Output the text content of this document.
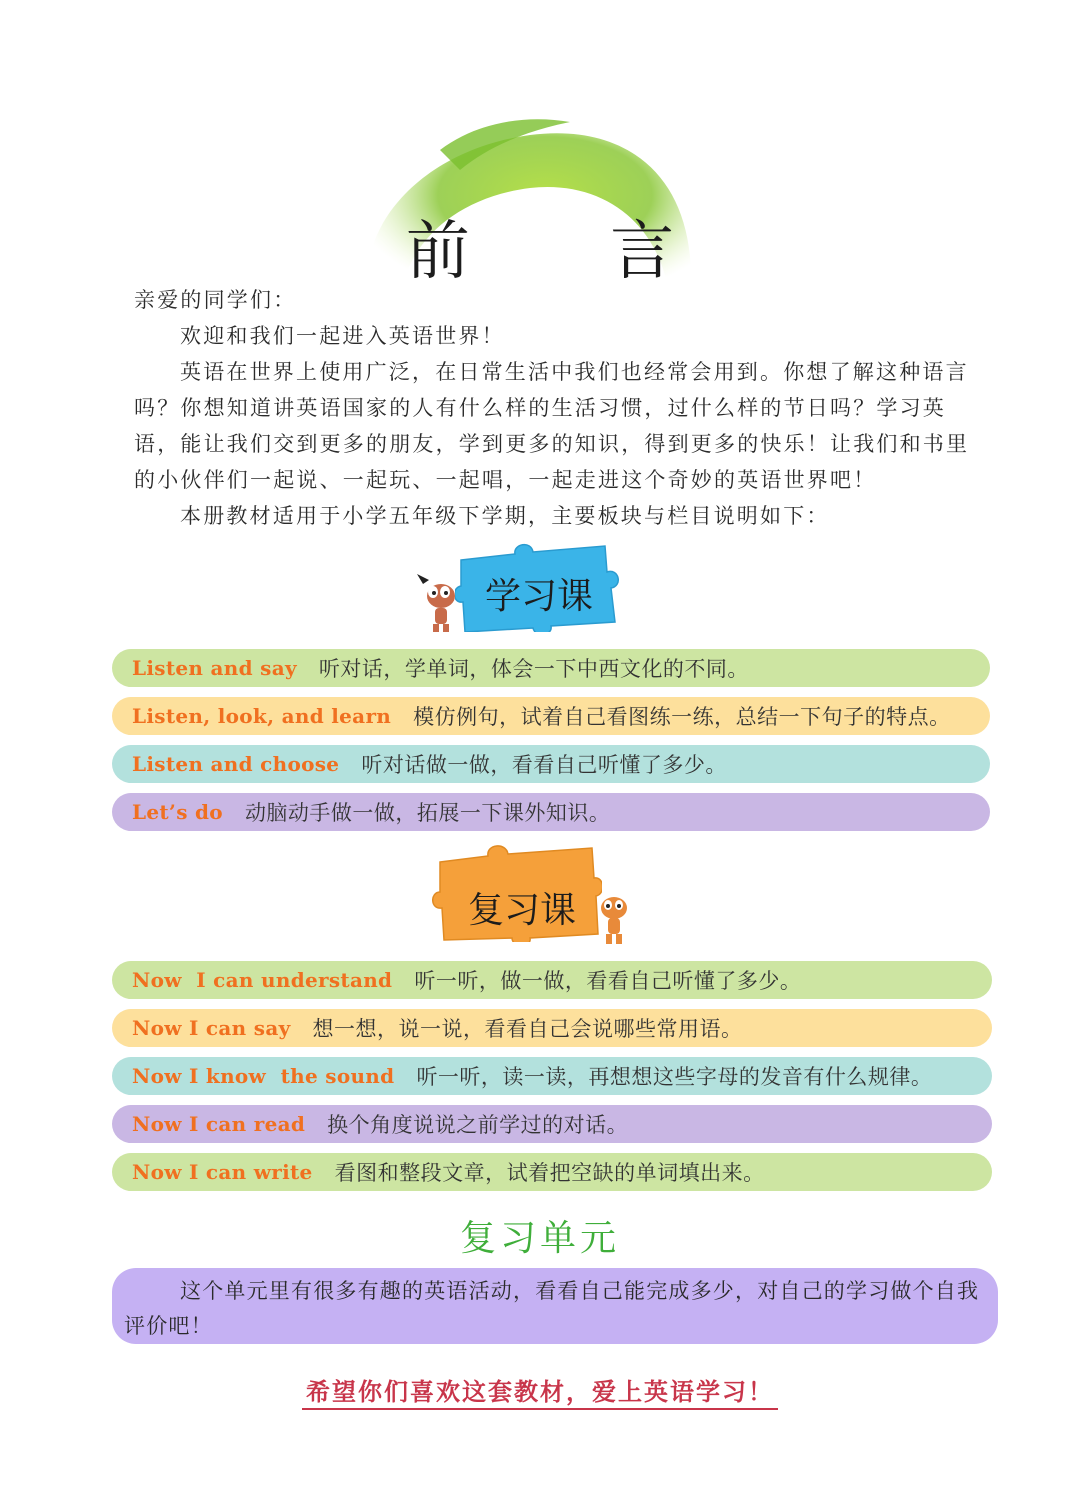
前 言
亲爱的同学们：
欢迎和我们一起进入英语世界！
英语在世界上使用广泛，在日常生活中我们也经常会用到。你想了解这种语言吗？你想知道讲英语国家的人有什么样的生活习惯，过什么样的节日吗？学习英语，能让我们交到更多的朋友，学到更多的知识，得到更多的快乐！让我们和书里的小伙伴们一起说、一起玩、一起唱，一起走进这个奇妙的英语世界吧！
本册教材适用于小学五年级下学期，主要板块与栏目说明如下：
学习课
Listen and say 听对话，学单词，体会一下中西文化的不同。
Listen, look, and learn 模仿例句，试着自己看图练一练，总结一下句子的特点。
Listen and choose 听对话做一做，看看自己听懂了多少。
Let’s do 动脑动手做一做，拓展一下课外知识。
复习课
Now  I can understand 听一听，做一做，看看自己听懂了多少。
Now I can say 想一想，说一说，看看自己会说哪些常用语。
Now I know  the sound 听一听，读一读，再想想这些字母的发音有什么规律。
Now I can read 换个角度说说之前学过的对话。
Now I can write 看图和整段文章，试着把空缺的单词填出来。
复习单元
这个单元里有很多有趣的英语活动，看看自己能完成多少，对自己的学习做个自我评价吧！
希望你们喜欢这套教材，爱上英语学习！
